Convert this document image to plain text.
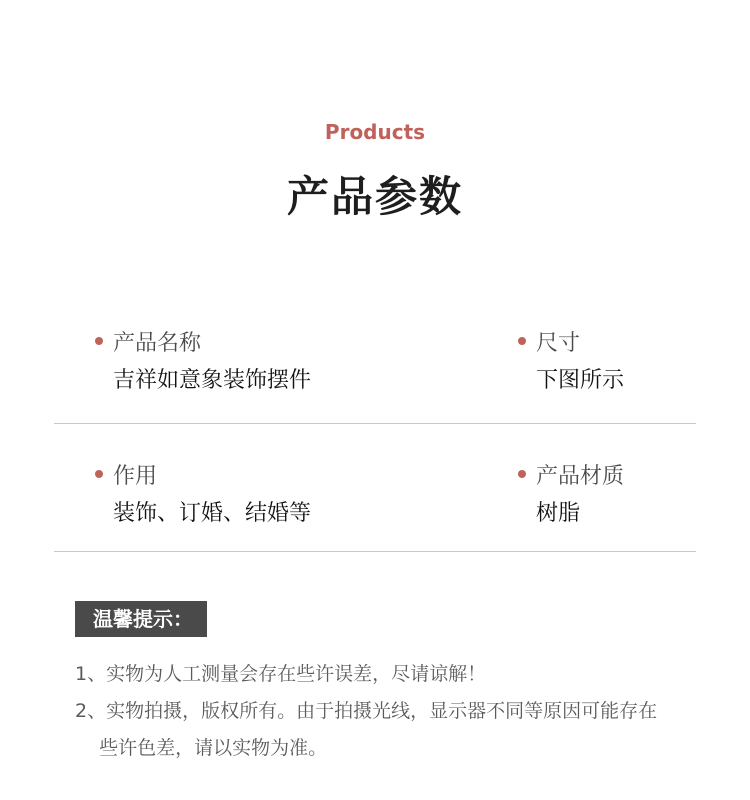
Products
产品参数
产品名称
吉祥如意象装饰摆件
尺寸
下图所示
作用
装饰、订婚、结婚等
产品材质
树脂
温馨提示：
1、实物为人工测量会存在些许误差，尽请谅解！
2、实物拍摄，版权所有。由于拍摄光线，显示器不同等原因可能存在
些许色差，请以实物为准。
